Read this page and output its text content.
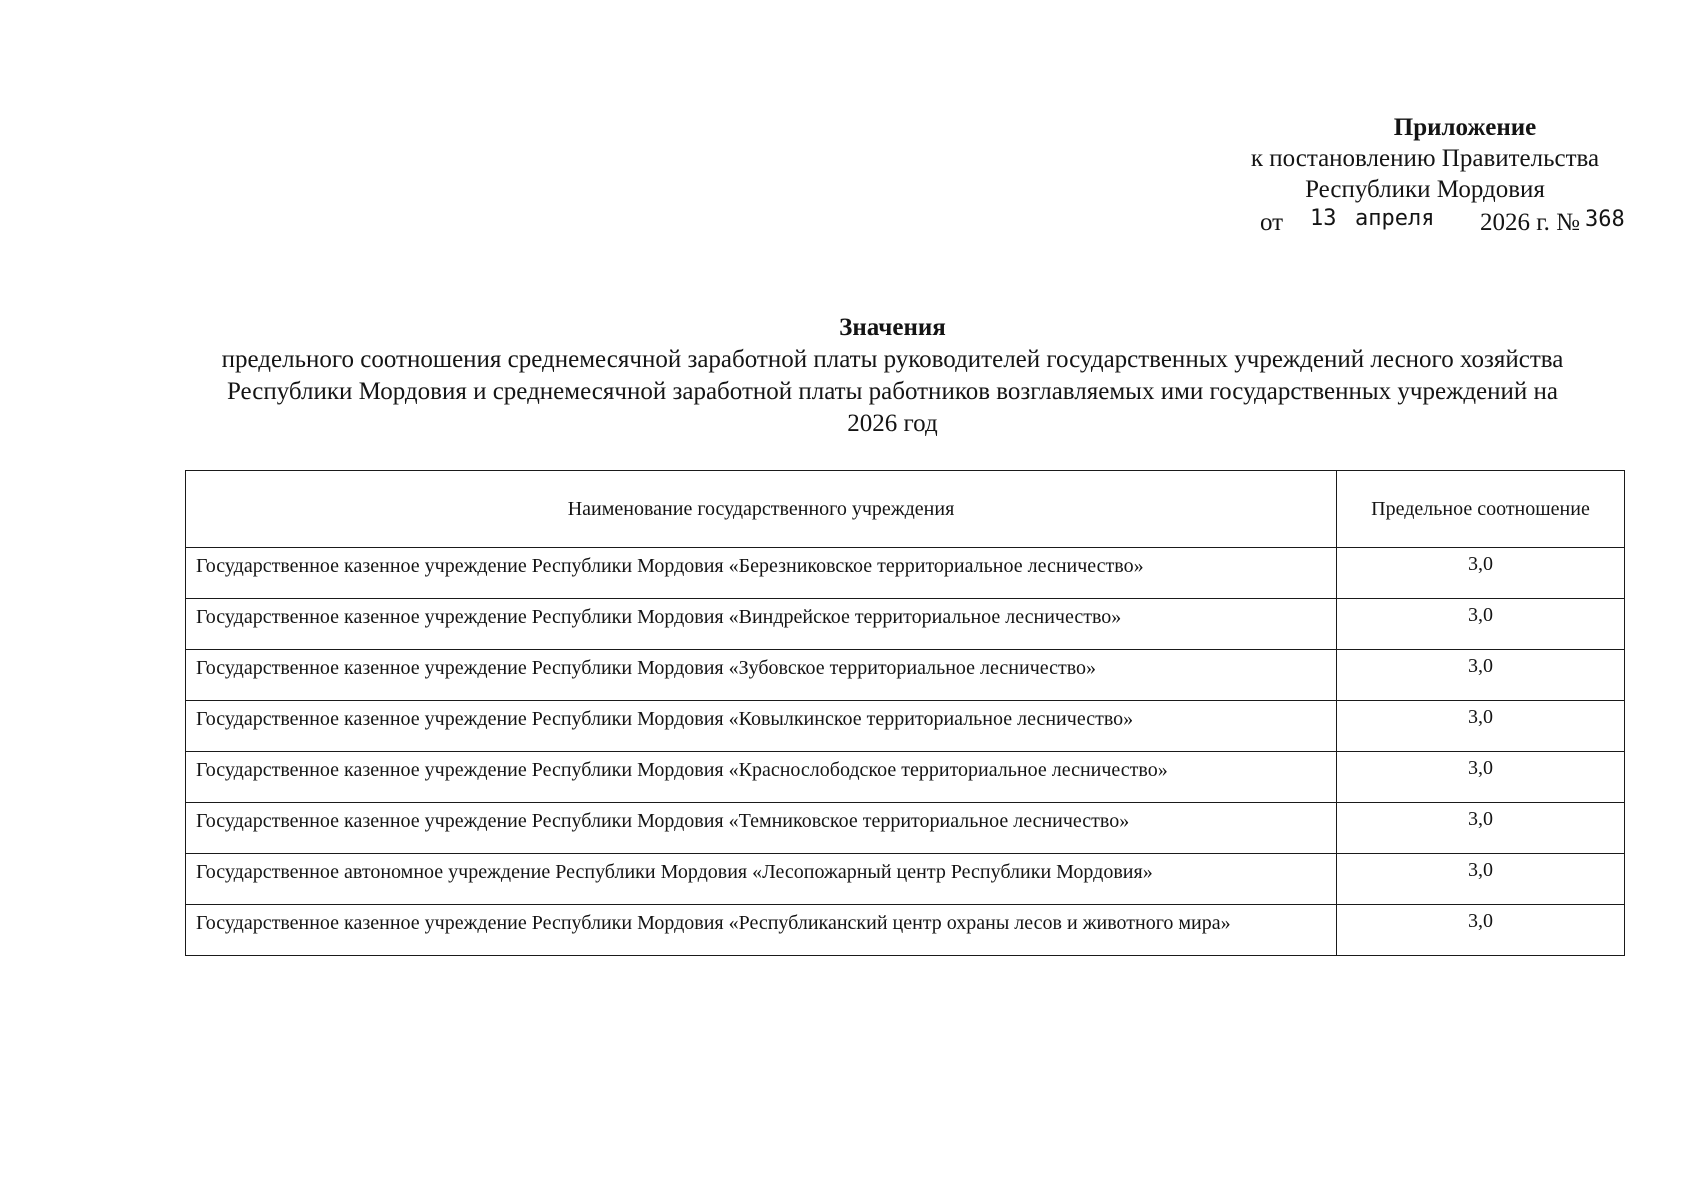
Приложение
к постановлению Правительства
Республики Мордовия
от 13 апреля 2026 г. № 368
Значения
предельного соотношения среднемесячной заработной платы руководителей государственных учреждений лесного хозяйства Республики Мордовия и среднемесячной заработной платы работников возглавляемых ими государственных учреждений на 2026 год
Наименование государственного учреждения	Предельное соотношение
Государственное казенное учреждение Республики Мордовия «Березниковское территориальное лесничество»	3,0
Государственное казенное учреждение Республики Мордовия «Виндрейское территориальное лесничество»	3,0
Государственное казенное учреждение Республики Мордовия «Зубовское территориальное лесничество»	3,0
Государственное казенное учреждение Республики Мордовия «Ковылкинское территориальное лесничество»	3,0
Государственное казенное учреждение Республики Мордовия «Краснослободское территориальное лесничество»	3,0
Государственное казенное учреждение Республики Мордовия «Темниковское территориальное лесничество»	3,0
Государственное автономное учреждение Республики Мордовия «Лесопожарный центр Республики Мордовия»	3,0
Государственное казенное учреждение Республики Мордовия «Республиканский центр охраны лесов и животного мира»	3,0
